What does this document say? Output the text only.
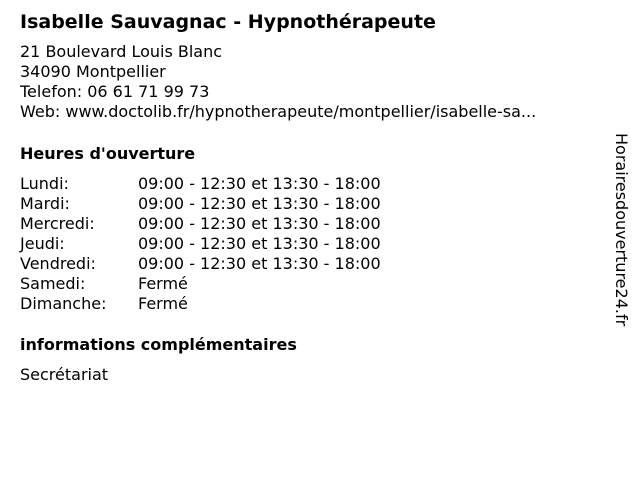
Isabelle Sauvagnac - Hypnothérapeute
21 Boulevard Louis Blanc
34090 Montpellier
Telefon: 06 61 71 99 73
Web: www.doctolib.fr/hypnotherapeute/montpellier/isabelle-sa...
Heures d'ouverture
Lundi:	09:00 - 12:30 et 13:30 - 18:00
Mardi:	09:00 - 12:30 et 13:30 - 18:00
Mercredi:	09:00 - 12:30 et 13:30 - 18:00
Jeudi:	09:00 - 12:30 et 13:30 - 18:00
Vendredi:	09:00 - 12:30 et 13:30 - 18:00
Samedi:	Fermé
Dimanche:	Fermé
informations complémentaires
Secrétariat
Horairesdouverture24.fr
